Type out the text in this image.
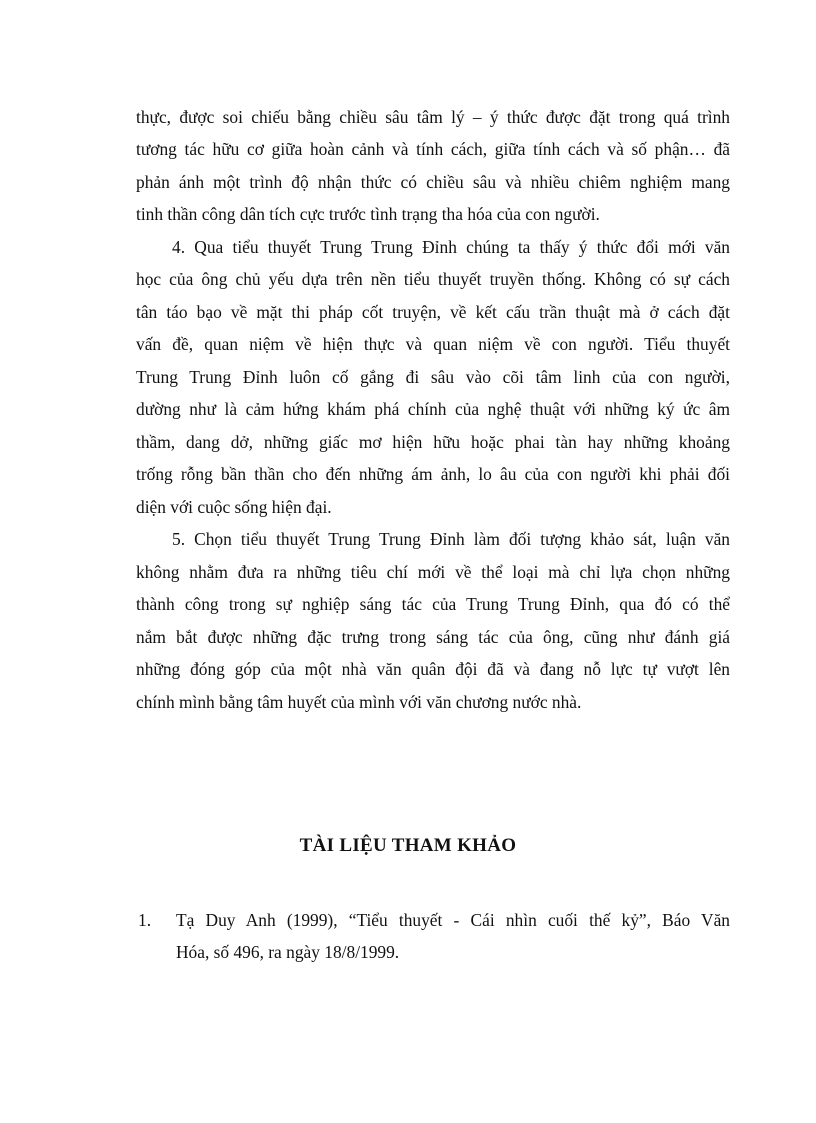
thực, được soi chiếu bằng chiều sâu tâm lý – ý thức được đặt trong quá trình
tương tác hữu cơ giữa hoàn cảnh và tính cách, giữa tính cách và số phận… đã
phản ánh một trình độ nhận thức có chiều sâu và nhiều chiêm nghiệm mang
tinh thần công dân tích cực trước tình trạng tha hóa của con người.
4. Qua tiểu thuyết Trung Trung Đỉnh chúng ta thấy ý thức đổi mới văn
học của ông chủ yếu dựa trên nền tiểu thuyết truyền thống. Không có sự cách
tân táo bạo về mặt thi pháp cốt truyện, về kết cấu trần thuật mà ở cách đặt
vấn đề, quan niệm về hiện thực và quan niệm về con người. Tiểu thuyết
Trung Trung Đỉnh luôn cố gắng đi sâu vào cõi tâm linh của con người,
dường như là cảm hứng khám phá chính của nghệ thuật với những ký ức âm
thầm, dang dở, những giấc mơ hiện hữu hoặc phai tàn hay những khoảng
trống rỗng bần thần cho đến những ám ảnh, lo âu của con người khi phải đối
diện với cuộc sống hiện đại.
5. Chọn tiểu thuyết Trung Trung Đỉnh làm đối tượng khảo sát, luận văn
không nhằm đưa ra những tiêu chí mới về thể loại mà chỉ lựa chọn những
thành công trong sự nghiệp sáng tác của Trung Trung Đỉnh, qua đó có thể
nắm bắt được những đặc trưng trong sáng tác của ông, cũng như đánh giá
những đóng góp của một nhà văn quân đội đã và đang nỗ lực tự vượt lên
chính mình bằng tâm huyết của mình với văn chương nước nhà.
TÀI LIỆU THAM KHẢO
1. Tạ Duy Anh (1999), “Tiểu thuyết - Cái nhìn cuối thế kỷ”, Báo Văn
Hóa, số 496, ra ngày 18/8/1999.
